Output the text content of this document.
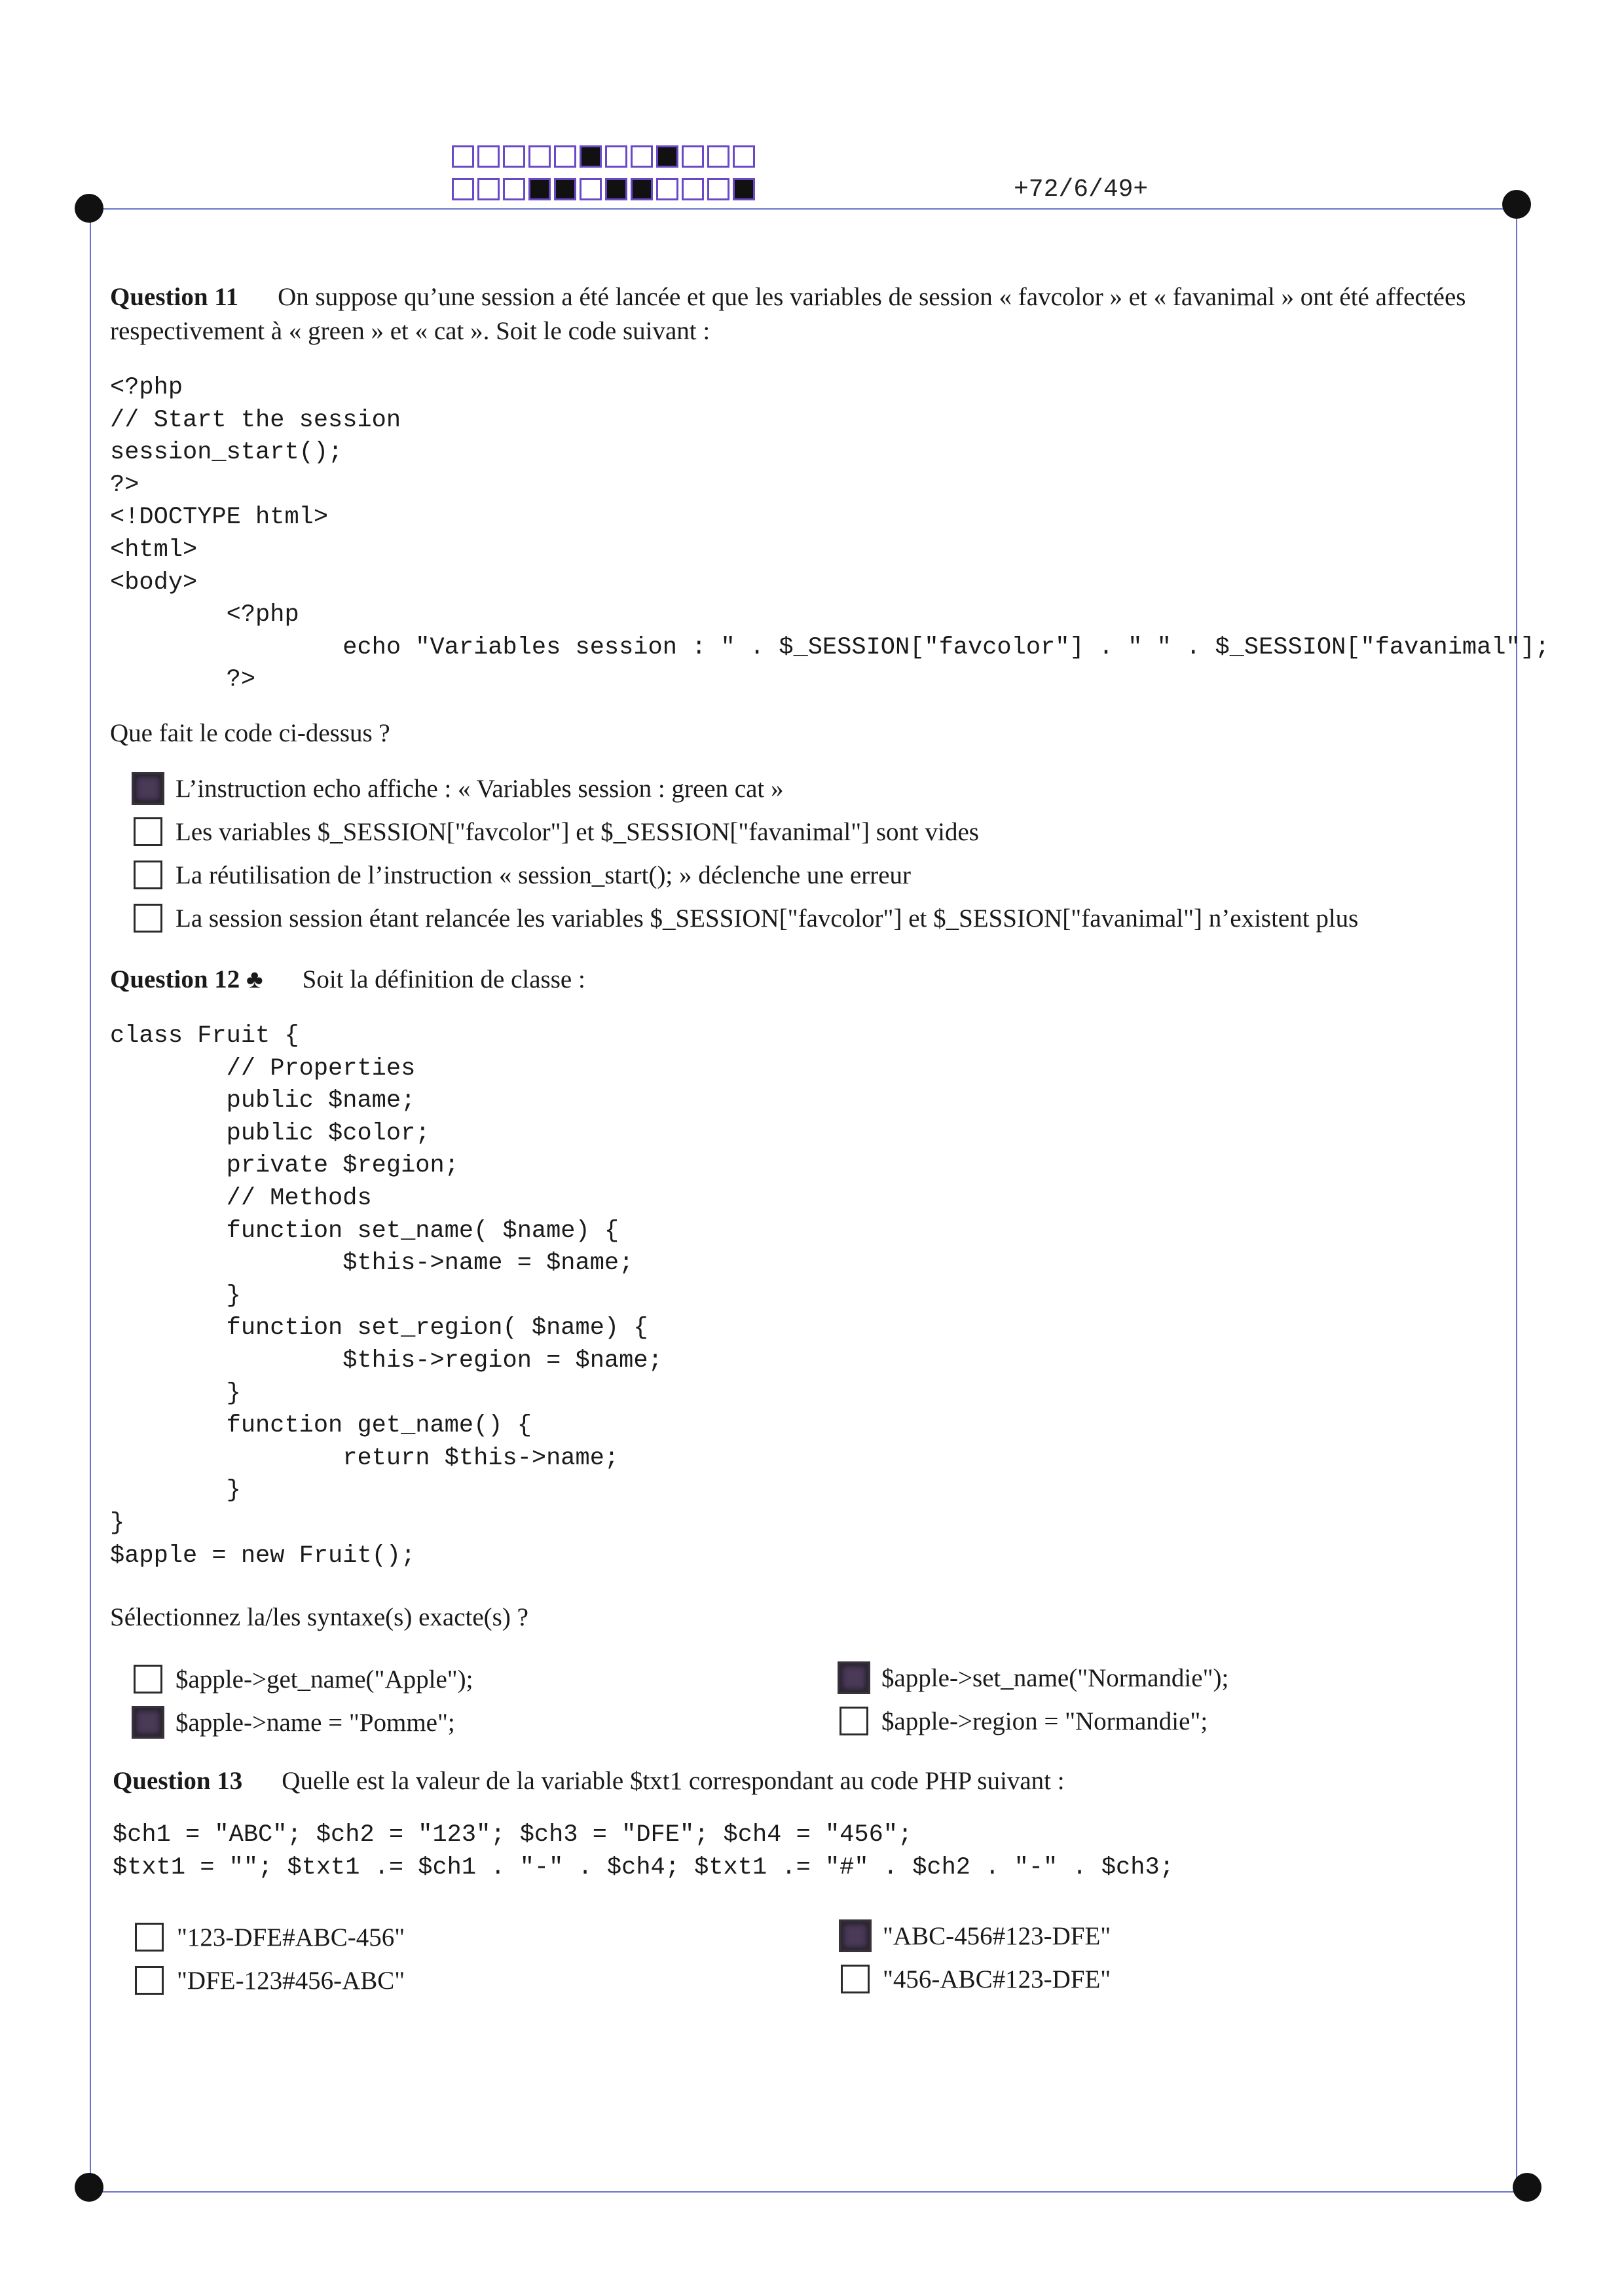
+72/6/49+
Question 11 On suppose qu’une session a été lancée et que les variables de session « favcolor » et « favanimal » ont été affectées respectivement à « green » et « cat ». Soit le code suivant :
<?php
// Start the session
session_start();
?>
<!DOCTYPE html>
<html>
<body>
<?php
echo "Variables session : " . $_SESSION["favcolor"] . " " . $_SESSION["favanimal"];
?>
Que fait le code ci-dessus ?
L’instruction echo affiche : « Variables session : green cat »
Les variables $_SESSION["favcolor"] et $_SESSION["favanimal"] sont vides
La réutilisation de l’instruction « session_start(); » déclenche une erreur
La session session étant relancée les variables $_SESSION["favcolor"] et $_SESSION["favanimal"] n’existent plus
Question 12 ♣ Soit la définition de classe :
class Fruit {
// Properties
public $name;
public $color;
private $region;
// Methods
function set_name( $name) {
$this->name = $name;
}
function set_region( $name) {
$this->region = $name;
}
function get_name() {
return $this->name;
}
}
$apple = new Fruit();
Sélectionnez la/les syntaxe(s) exacte(s) ?
$apple->get_name("Apple");	$apple->set_name("Normandie");
$apple->name = "Pomme";	$apple->region = "Normandie";
Question 13 Quelle est la valeur de la variable $txt1 correspondant au code PHP suivant :
$ch1 = "ABC"; $ch2 = "123"; $ch3 = "DFE"; $ch4 = "456";
$txt1 = ""; $txt1 .= $ch1 . "-" . $ch4; $txt1 .= "#" . $ch2 . "-" . $ch3;
"123-DFE#ABC-456"	"ABC-456#123-DFE"
"DFE-123#456-ABC"	"456-ABC#123-DFE"
